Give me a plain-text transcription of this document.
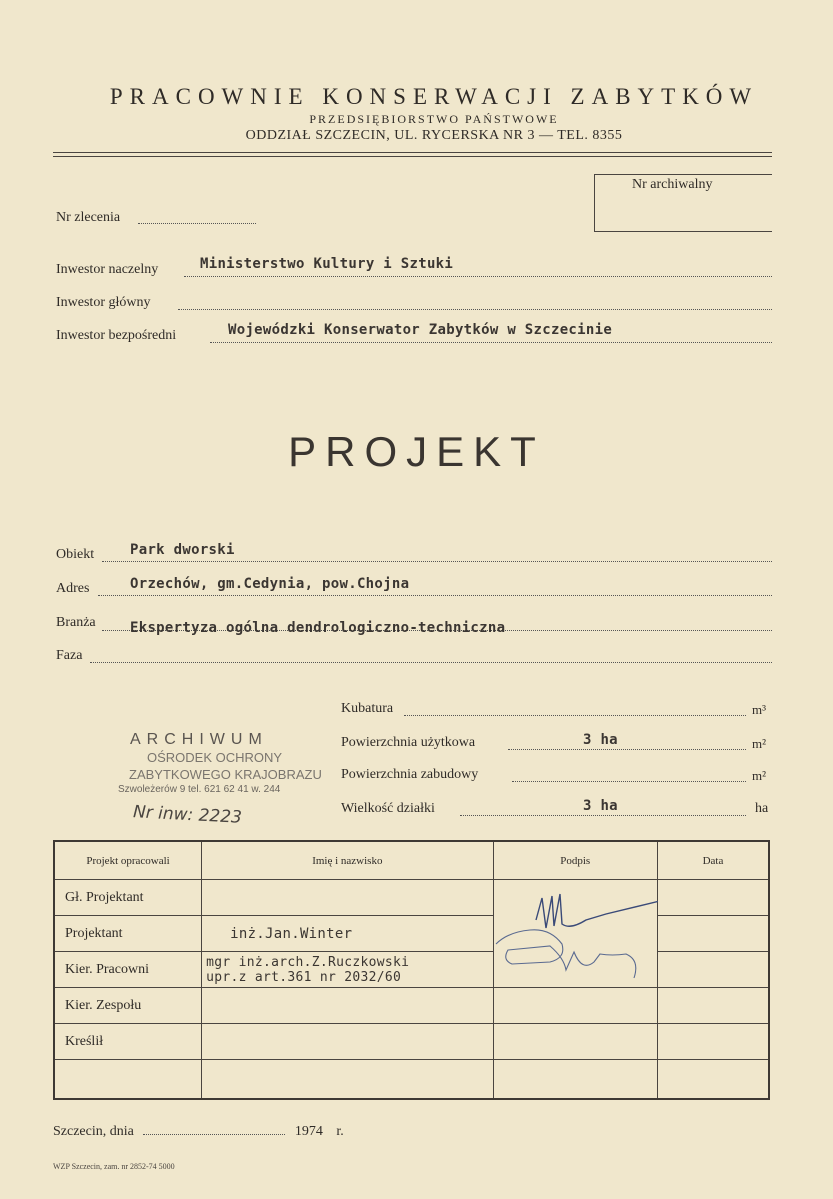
PRACOWNIE KONSERWACJI ZABYTKÓW
PRZEDSIĘBIORSTWO PAŃSTWOWE
ODDZIAŁ SZCZECIN, UL. RYCERSKA NR 3 — TEL. 8355
Nr archiwalny
Nr zlecenia
Inwestor naczelny	Ministerstwo Kultury i Sztuki
Inwestor główny
Inwestor bezpośredni	Wojewódzki Konserwator Zabytków w Szczecinie
PROJEKT
Obiekt	Park dworski
Adres	Orzechów, gm.Cedynia, pow.Chojna
Branża Ekspertyza ogólna dendrologiczno-techniczna
Faza
Kubatura	m³
Powierzchnia użytkowa	3 ha	m²
Powierzchnia zabudowy	m²
Wielkość działki	3 ha	ha
ARCHIWUM
OŚRODEK OCHRONY
ZABYTKOWEGO KRAJOBRAZU
Szwoleżerów 9 tel. 621 62 41 w. 244
Nr inw: 2223
Projekt opracowali	Imię i nazwisko	Podpis	Data
Gł. Projektant		

Projektant	inż.Jan.Winter		
Kier. Pracowni	mgr inż.arch.Z.Ruczkowski
upr.z art.361 nr 2032/60		

Kier. Zespołu			
Kreślił			

Szczecin, dnia	1974 r.
WZP Szczecin, zam. nr 2852-74 5000
